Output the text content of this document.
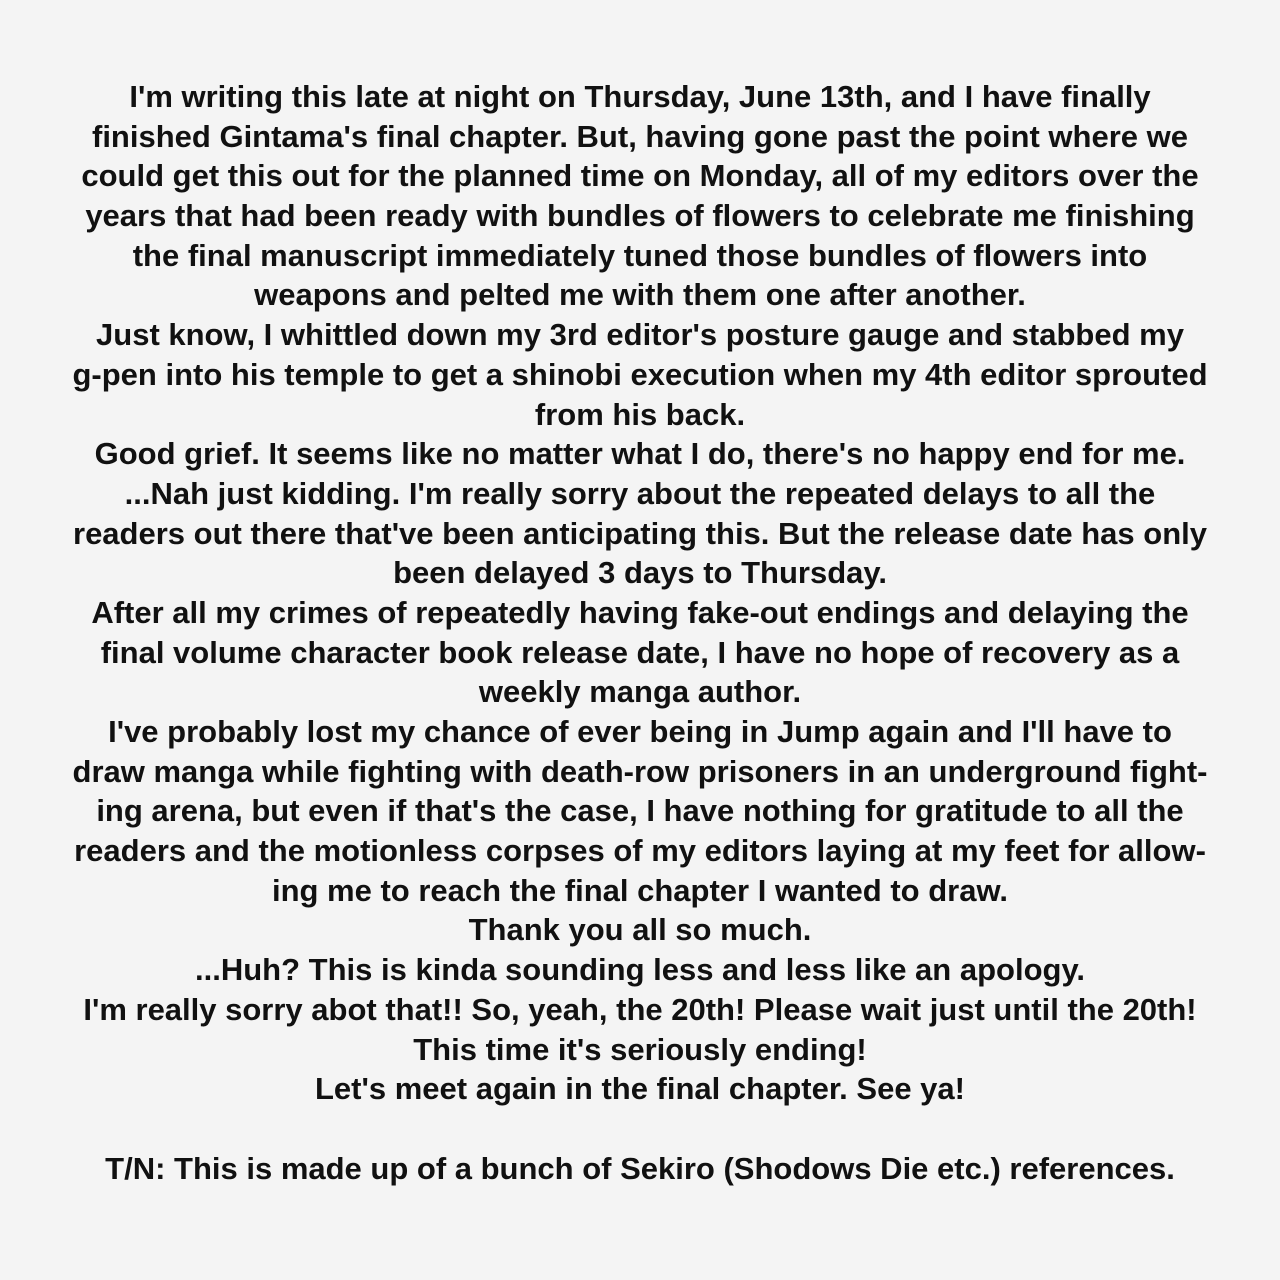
I'm writing this late at night on Thursday, June 13th, and I have finally
finished Gintama's final chapter. But, having gone past the point where we
could get this out for the planned time on Monday, all of my editors over the
years that had been ready with bundles of flowers to celebrate me finishing
the final manuscript immediately tuned those bundles of flowers into
weapons and pelted me with them one after another.
Just know, I whittled down my 3rd editor's posture gauge and stabbed my
g-pen into his temple to get a shinobi execution when my 4th editor sprouted
from his back.
Good grief. It seems like no matter what I do, there's no happy end for me.
...Nah just kidding. I'm really sorry about the repeated delays to all the
readers out there that've been anticipating this. But the release date has only
been delayed 3 days to Thursday.
After all my crimes of repeatedly having fake-out endings and delaying the
final volume character book release date, I have no hope of recovery as a
weekly manga author.
I've probably lost my chance of ever being in Jump again and I'll have to
draw manga while fighting with death-row prisoners in an underground fight-
ing arena, but even if that's the case, I have nothing for gratitude to all the
readers and the motionless corpses of my editors laying at my feet for allow-
ing me to reach the final chapter I wanted to draw.
Thank you all so much.
...Huh? This is kinda sounding less and less like an apology.
I'm really sorry abot that!! So, yeah, the 20th! Please wait just until the 20th!
This time it's seriously ending!
Let's meet again in the final chapter. See ya!
T/N: This is made up of a bunch of Sekiro (Shodows Die etc.) references.
